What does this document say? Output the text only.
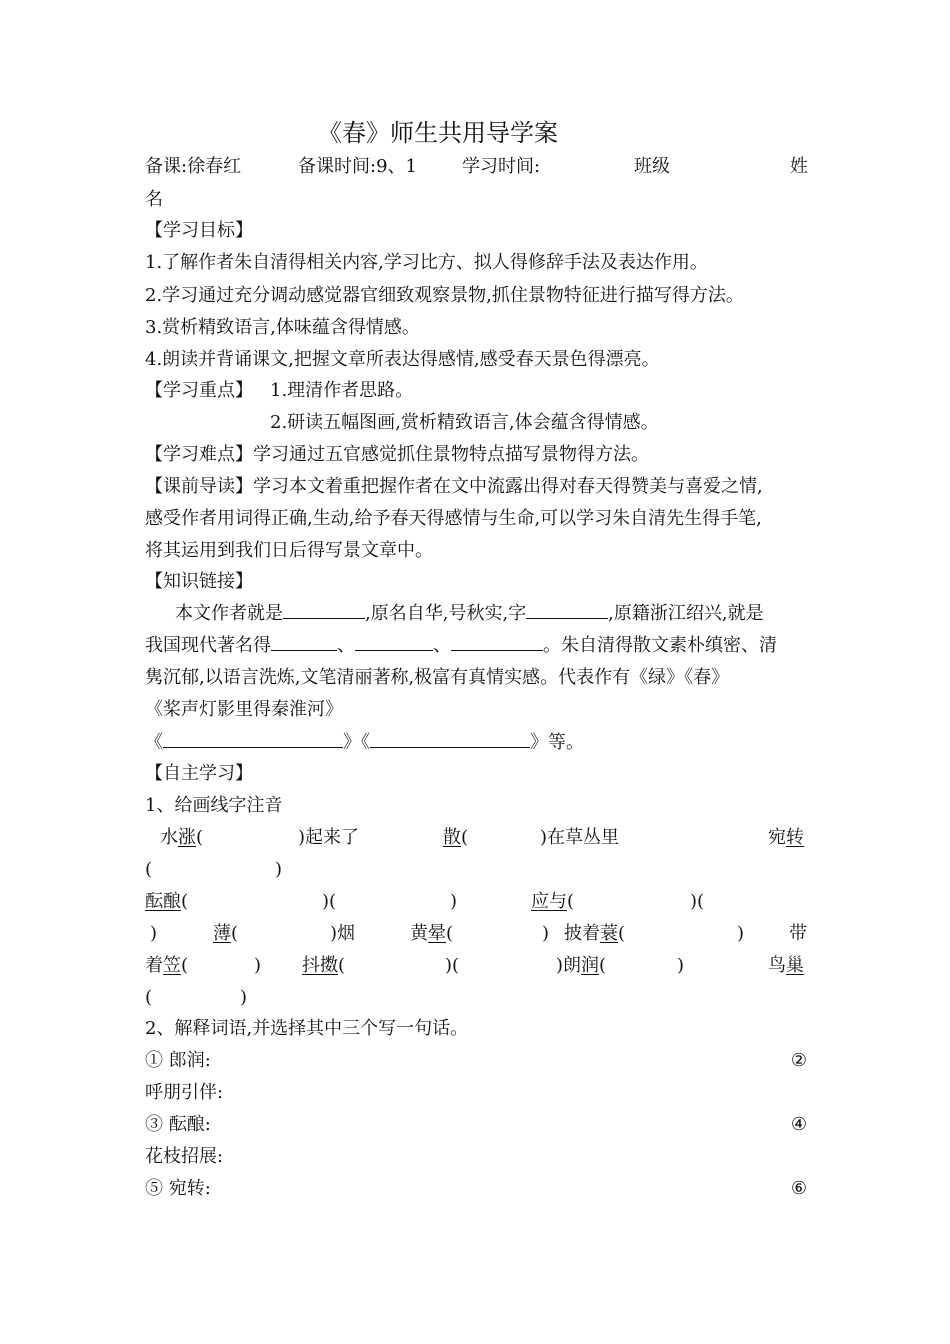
《春》师生共用导学案
备课:徐春红	备课时间:9、1	学习时间:	班级	姓
名
【学习目标】
1.了解作者朱自清得相关内容,学习比方、拟人得修辞手法及表达作用。
2.学习通过充分调动感觉器官细致观察景物,抓住景物特征进行描写得方法。
3.赏析精致语言,体味蕴含得情感。
4.朗读并背诵课文,把握文章所表达得感情,感受春天景色得漂亮。
【学习重点】 1.理清作者思路。
2.研读五幅图画,赏析精致语言,体会蕴含得情感。
【学习难点】学习通过五官感觉抓住景物特点描写景物得方法。
【课前导读】学习本文着重把握作者在文中流露出得对春天得赞美与喜爱之情,
感受作者用词得正确,生动,给予春天得感情与生命,可以学习朱自清先生得手笔,
将其运用到我们日后得写景文章中。
【知识链接】
本文作者就是	,原名自华,号秋实,字	,原籍浙江绍兴,就是
我国现代著名得	、	、	。朱自清得散文素朴缜密、清
隽沉郁,以语言洗炼,文笔清丽著称,极富有真情实感。代表作有《绿》《春》
《桨声灯影里得秦淮河》
《	》《	》等。
【自主学习】
1、给画线字注音
水涨(	)起来了	散(	)在草丛里	宛转
(	)
酝酿(	)(	)	应与(	)(
)	薄(	)烟	黄晕(	) 披着蓑(	) 带
着笠(	) 抖擞(	)(	)朗润(	)	鸟巢
(	)
2、解释词语,并选择其中三个写一句话。
① 郎润:	②
呼朋引伴:
③ 酝酿:	④
花枝招展:
⑤ 宛转:	⑥
